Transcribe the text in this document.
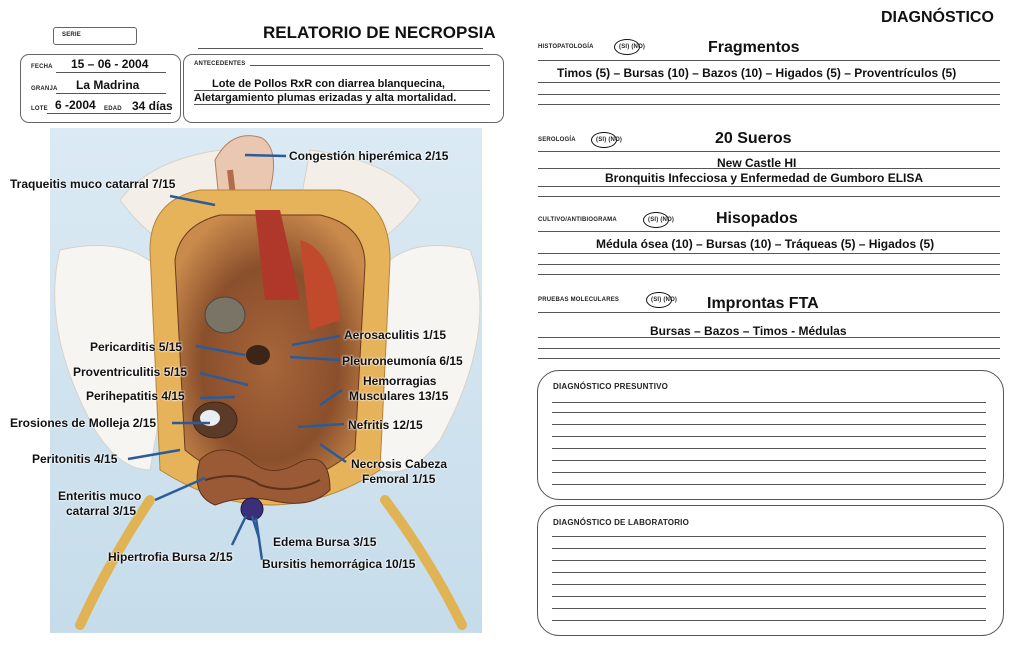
SERIE	RELATORIO DE NECROPSIA
FECHA 15 – 06 - 2004
GRANJA La Madrina
LOTE 6 -2004 EDAD 34 días
ANTECEDENTES
Lote de Pollos RxR con diarrea blanquecina,
Aletargamiento plumas erizadas y alta mortalidad.
Congestión hiperémica 2/15
Traqueitis muco catarral 7/15
Aerosaculitis 1/15
Pericarditis 5/15
Pleuroneumonía 6/15
Proventriculitis 5/15
Hemorragias
Musculares 13/15
Perihepatitis 4/15
Erosiones de Molleja 2/15	Nefritis 12/15
Peritonitis 4/15	Necrosis Cabeza
Femoral 1/15
Enteritis muco
catarral 3/15
Edema Bursa 3/15
Hipertrofia Bursa 2/15 Bursitis hemorrágica 10/15
DIAGNÓSTICO
HISTOPATOLOGÍA	(SI) (NO)	Fragmentos
Timos (5) – Bursas (10) – Bazos (10) – Higados (5) – Proventrículos (5)
SEROLOGÍA	(SI) (NO)	20 Sueros
New Castle HI
Bronquitis Infecciosa y Enfermedad de Gumboro ELISA
CULTIVO/ANTIBIOGRAMA	(SI) (NO)	Hisopados
Médula ósea (10) – Bursas (10) – Tráqueas (5) – Higados (5)
PRUEBAS MOLECULARES	(SI) (NO) Improntas FTA
Bursas – Bazos – Timos - Médulas
DIAGNÓSTICO PRESUNTIVO
DIAGNÓSTICO DE LABORATORIO
